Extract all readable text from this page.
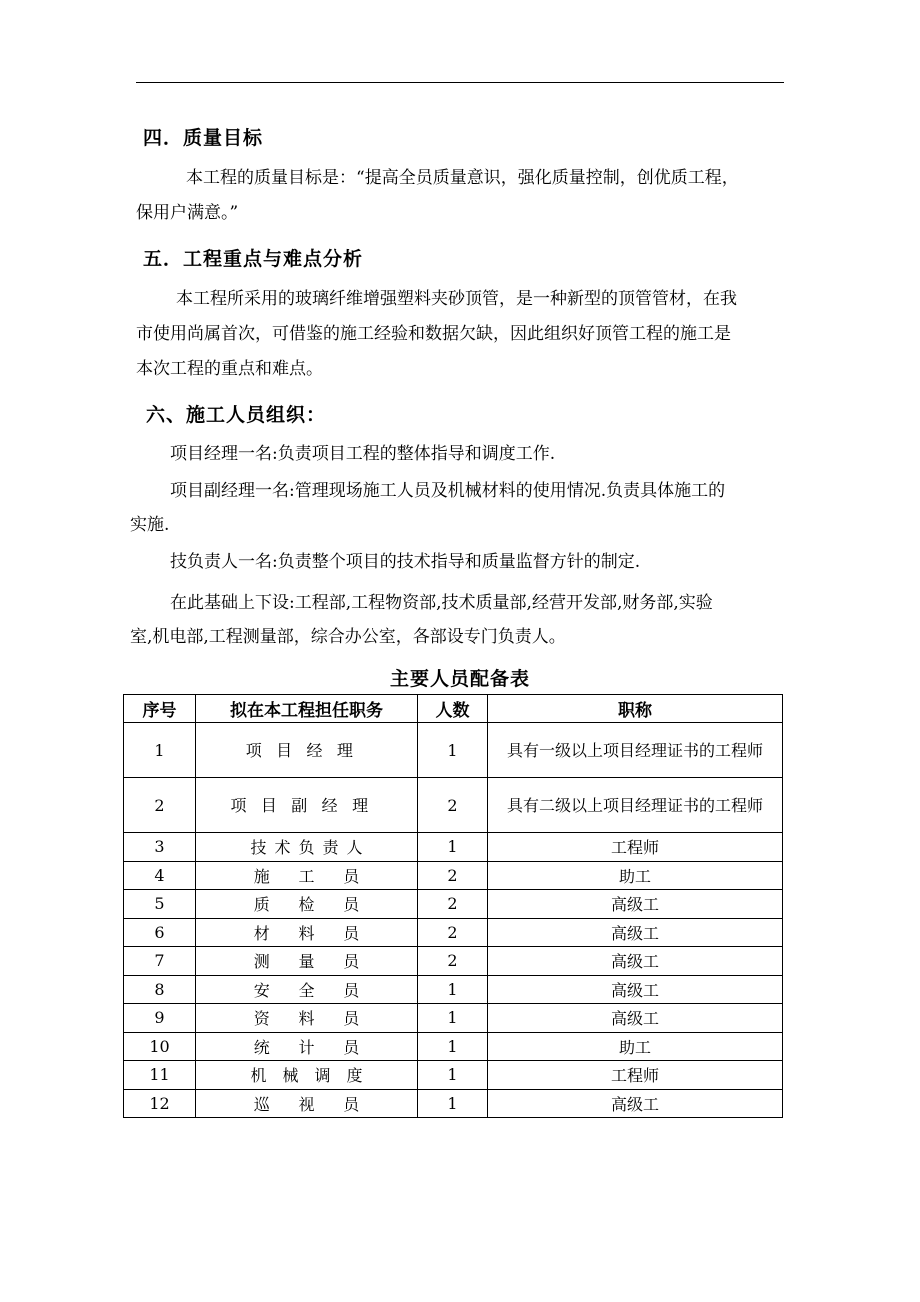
四．质量目标
本工程的质量目标是：“提高全员质量意识，强化质量控制，创优质工程，
保用户满意。”
五．工程重点与难点分析
本工程所采用的玻璃纤维增强塑料夹砂顶管，是一种新型的顶管管材，在我
市使用尚属首次，可借鉴的施工经验和数据欠缺，因此组织好顶管工程的施工是
本次工程的重点和难点。
六、施工人员组织：
项目经理一名:负责项目工程的整体指导和调度工作.
项目副经理一名:管理现场施工人员及机械材料的使用情况.负责具体施工的
实施.
技负责人一名:负责整个项目的技术指导和质量监督方针的制定.
在此基础上下设:工程部,工程物资部,技术质量部,经营开发部,财务部,实验
室,机电部,工程测量部，综合办公室，各部设专门负责人。
主要人员配备表
序号	拟在本工程担任职务	人数	职称
1	项目经理	1	具有一级以上项目经理证书的工程师
2	项目副经理	2	具有二级以上项目经理证书的工程师
3	技术负责人	1	工程师
4	施工员	2	助工
5	质检员	2	高级工
6	材料员	2	高级工
7	测量员	2	高级工
8	安全员	1	高级工
9	资料员	1	高级工
10	统计员	1	助工
11	机械调度	1	工程师
12	巡视员	1	高级工
